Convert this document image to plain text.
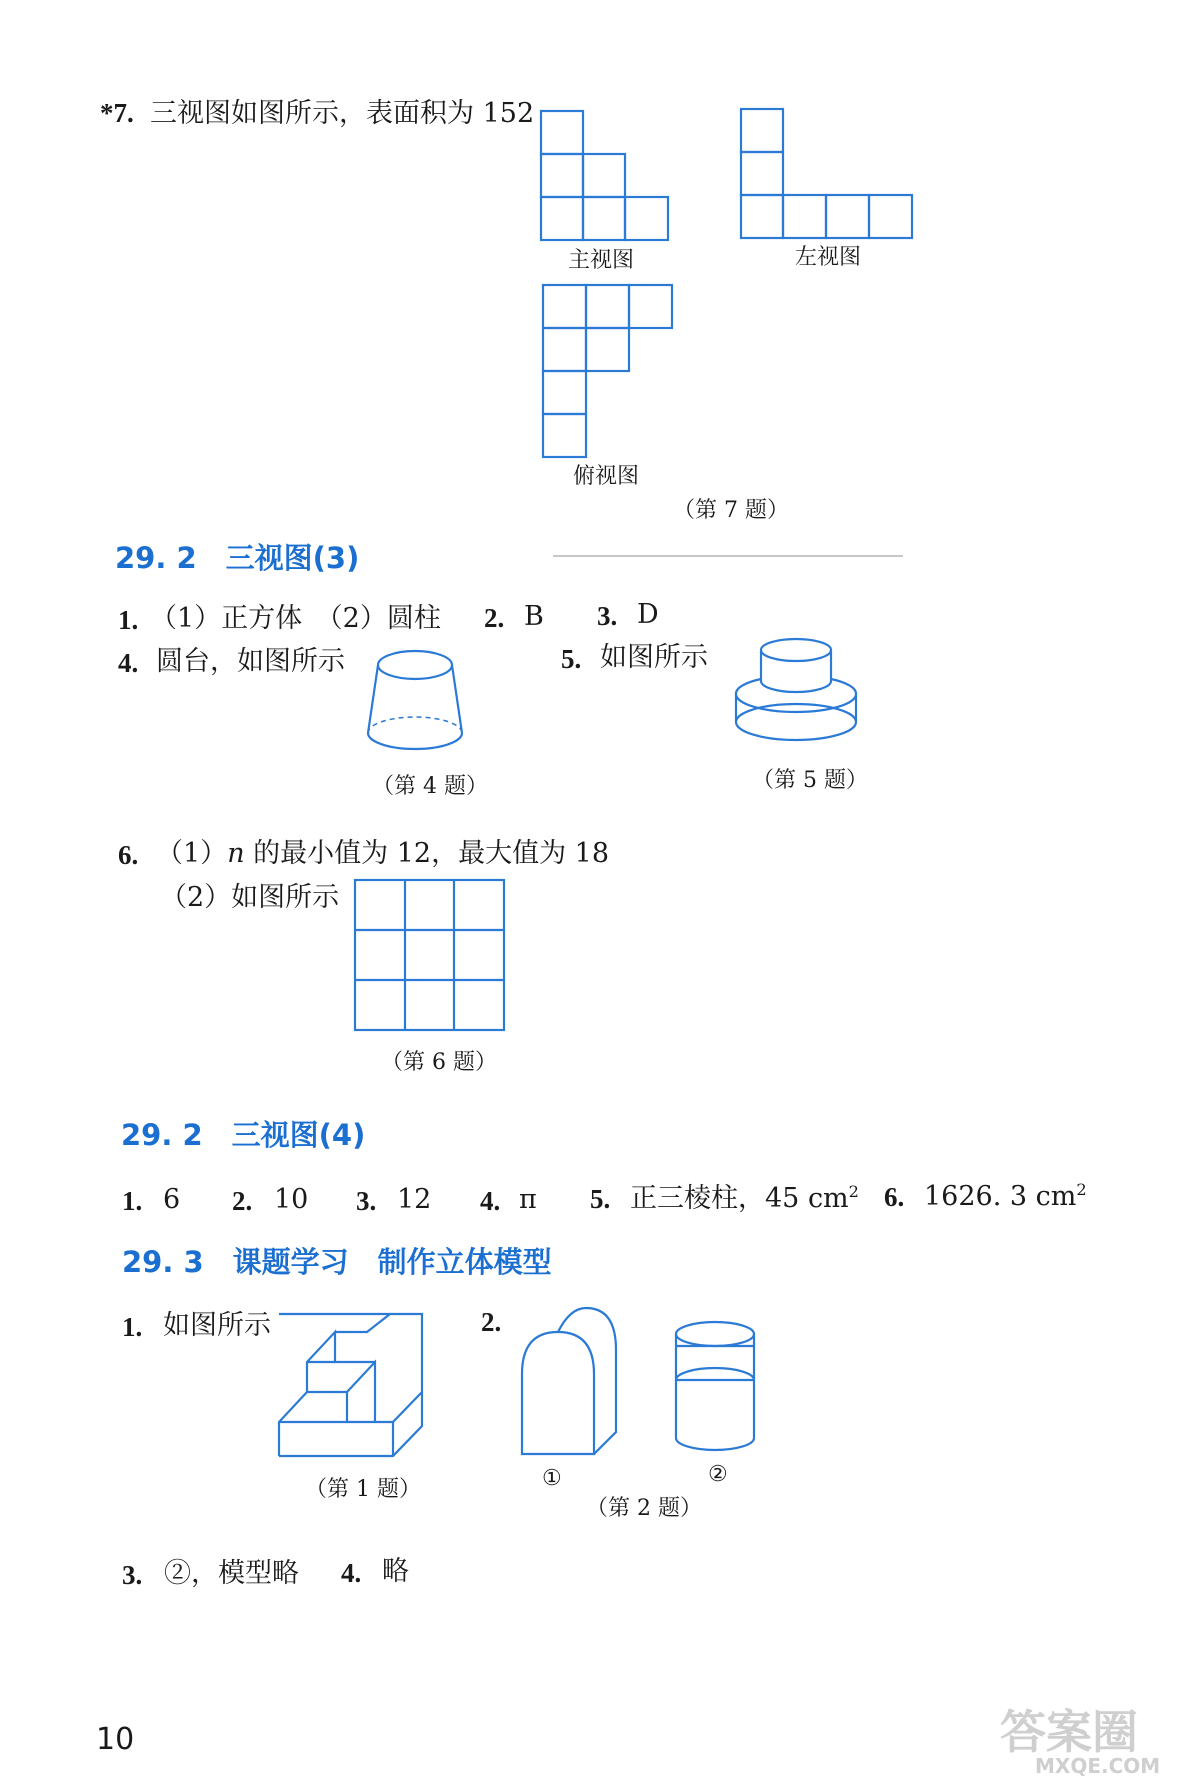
*7. 三视图如图所示，表面积为 152
主视图	左视图
俯视图
（第 7 题）
29. 2　三视图(3)
1. （1）正方体　（2）圆柱 2. B 3. D
4. 圆台，如图所示
（第 4 题）
5. 如图所示
（第 5 题）
6. （1）n 的最小值为 12，最大值为 18
（2）如图所示
（第 6 题）
29. 2　三视图(4)
1. 6 2. 10 3. 12 4. π 5. 正三棱柱，45 $cm^2$ 6. 1626. 3 $cm^2$
29. 3　课题学习　制作立体模型
1. 如图所示
（第 1 题）
2.
①	②
（第 2 题）
3. ②，模型略 4. 略
10	答案圈
MXQE.COM
